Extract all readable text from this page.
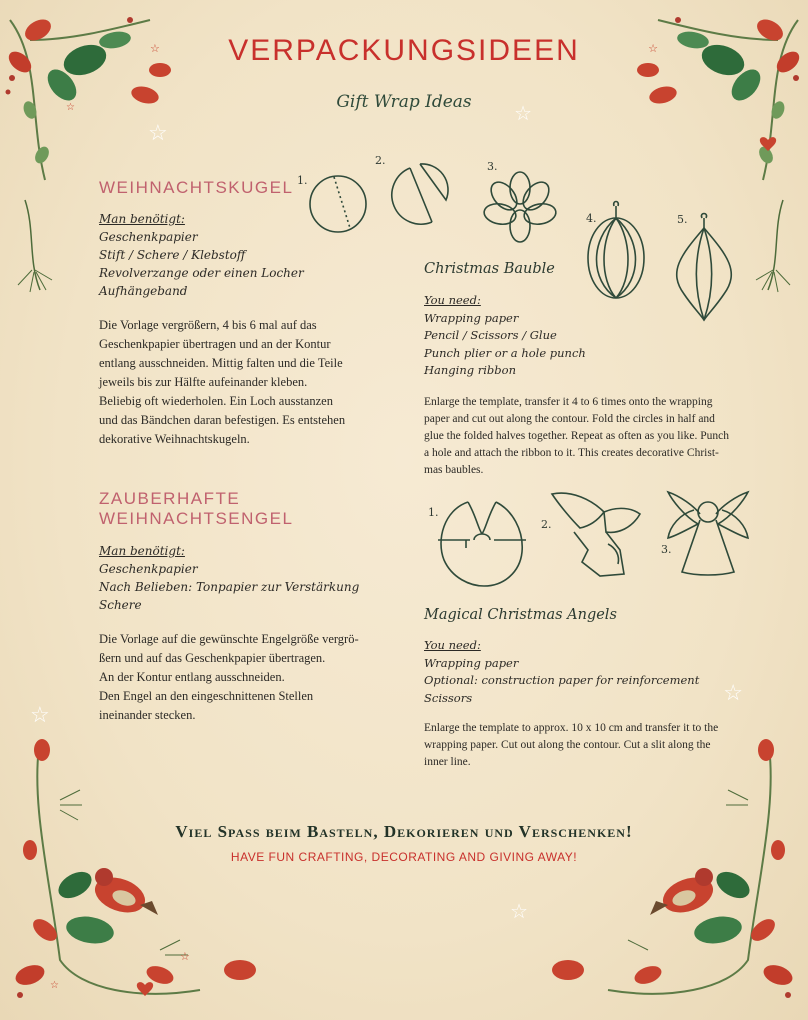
☆
☆
☆
☆
☆
☆
☆
☆
☆
☆
VERPACKUNGSIDEEN
Gift Wrap Ideas
WEIHNACHTSKUGEL
Man benötigt:
Geschenkpapier
Stift / Schere / Klebstoff
Revolverzange oder einen Locher
Aufhängeband
Die Vorlage vergrößern, 4 bis 6 mal auf das
Geschenkpapier übertragen und an der Kontur
entlang ausschneiden. Mittig falten und die Teile
jeweils bis zur Hälfte aufeinander kleben.
Beliebig oft wiederholen. Ein Loch ausstanzen
und das Bändchen daran befestigen. Es entstehen
dekorative Weihnachtskugeln.
1.
2.	3.
4.	5.
Christmas Bauble
You need:
Wrapping paper
Pencil / Scissors / Glue
Punch plier or a hole punch
Hanging ribbon
Enlarge the template, transfer it 4 to 6 times onto the wrapping
paper and cut out along the contour. Fold the circles in half and
glue the folded halves together. Repeat as often as you like. Punch
a hole and attach the ribbon to it. This creates decorative Christ-
mas baubles.
ZAUBERHAFTE
WEIHNACHTSENGEL
Man benötigt:
Geschenkpapier
Nach Belieben: Tonpapier zur Verstärkung
Schere
Die Vorlage auf die gewünschte Engelgröße vergrö-
ßern und auf das Geschenkpapier übertragen.
An der Kontur entlang ausschneiden.
Den Engel an den eingeschnittenen Stellen
ineinander stecken.
1.
2.
3.
Magical Christmas Angels
You need:
Wrapping paper
Optional: construction paper for reinforcement
Scissors
Enlarge the template to approx. 10 x 10 cm and transfer it to the
wrapping paper. Cut out along the contour. Cut a slit along the
inner line.
Viel Spass beim Basteln, Dekorieren und Verschenken!
HAVE FUN CRAFTING, DECORATING AND GIVING AWAY!
